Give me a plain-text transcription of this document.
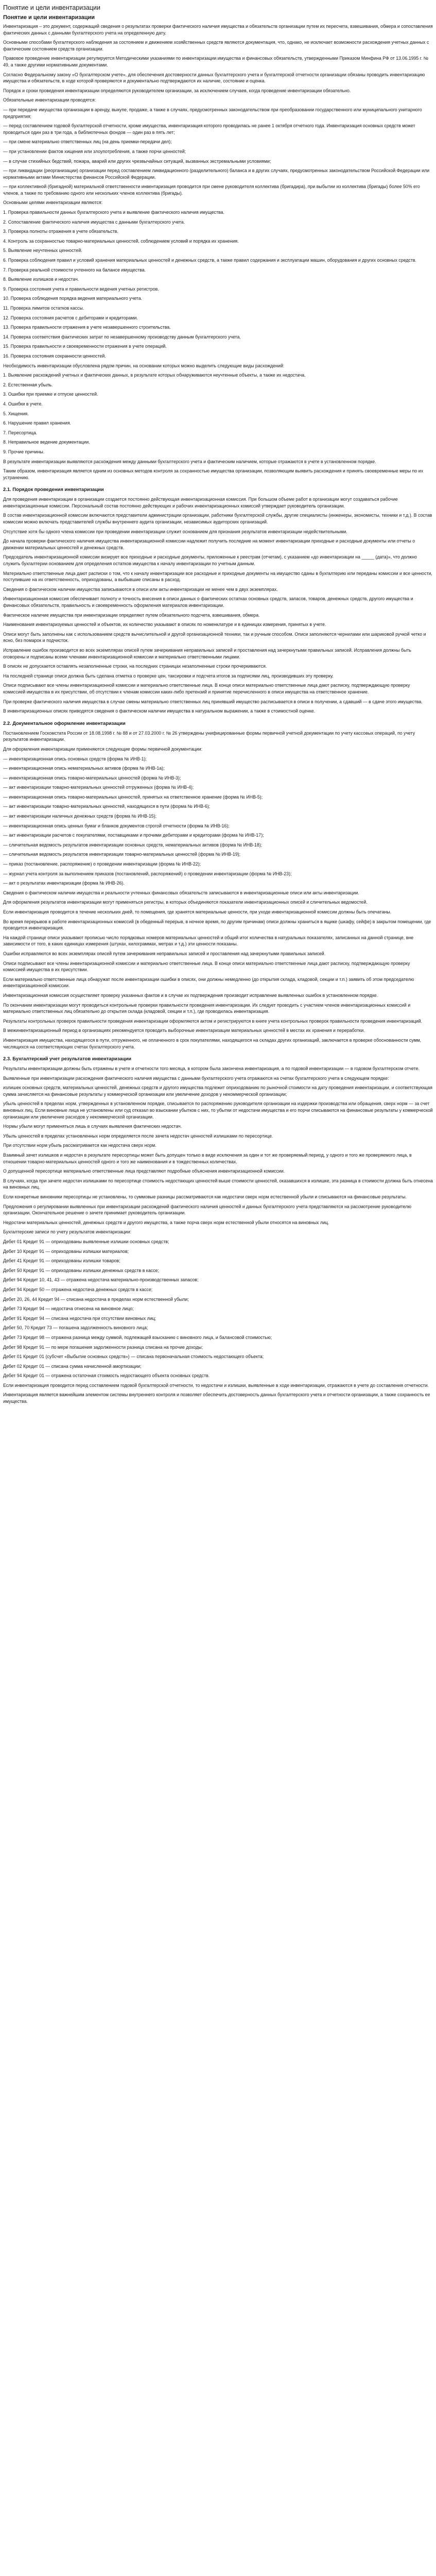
Понятие и цели инвентаризации
Понятие и цели инвентаризации

Инвентаризация – это документ, содержащий сведения о результатах проверки фактического наличия имущества и обязательств организации путем их пересчета, взвешивания, обмера и сопоставления фактических данных с данными бухгалтерского учета на определенную дату.

Основными способами бухгалтерского наблюдения за состоянием и движением хозяйственных средств являются документация, что, однако, не исключает возможности расхождения учетных данных с фактическим состоянием средств организации.

Правовое проведение инвентаризации регулируется Методическими указаниями по инвентаризации имущества и финансовых обязательств, утвержденными Приказом Минфина РФ от 13.06.1995 г. № 49, а также другими нормативными документами.

Согласно Федеральному закону «О бухгалтерском учете», для обеспечения достоверности данных бухгалтерского учета и бухгалтерской отчетности организации обязаны проводить инвентаризацию имущества и обязательств, в ходе которой проверяются и документально подтверждаются их наличие, состояние и оценка.

Порядок и сроки проведения инвентаризации определяются руководителем организации, за исключением случаев, когда проведение инвентаризации обязательно.

Обязательные инвентаризации проводятся:

— при передаче имущества организации в аренду, выкупе, продаже, а также в случаях, предусмотренных законодательством при преобразовании государственного или муниципального унитарного предприятия;

— перед составлением годовой бухгалтерской отчетности, кроме имущества, инвентаризация которого проводилась не ранее 1 октября отчетного года. Инвентаризация основных средств может проводиться один раз в три года, а библиотечных фондов — один раз в пять лет;

— при смене материально ответственных лиц (на день приемки-передачи дел);

— при установлении фактов хищения или злоупотребления, а также порчи ценностей;

— в случае стихийных бедствий, пожара, аварий или других чрезвычайных ситуаций, вызванных экстремальными условиями;

— при ликвидации (реорганизации) организации перед составлением ликвидационного (разделительного) баланса и в других случаях, предусмотренных законодательством Российской Федерации или нормативными актами Министерства финансов Российской Федерации.

— при коллективной (бригадной) материальной ответственности инвентаризация проводится при смене руководителя коллектива (бригадира), при выбытии из коллектива (бригады) более 50% его членов, а также по требованию одного или нескольких членов коллектива (бригады).

Основными целями инвентаризации являются:

1. Проверка правильности данных бухгалтерского учета и выявление фактического наличия имущества.

2. Сопоставление фактического наличия имущества с данными бухгалтерского учета.

3. Проверка полноты отражения в учете обязательств.

4. Контроль за сохранностью товарно-материальных ценностей, соблюдением условий и порядка их хранения.

5. Выявление неучтенных ценностей.

6. Проверка соблюдения правил и условий хранения материальных ценностей и денежных средств, а также правил содержания и эксплуатации машин, оборудования и других основных средств.

7. Проверка реальной стоимости учтенного на балансе имущества.

8. Выявление излишков и недостач.

9. Проверка состояния учета и правильности ведения учетных регистров.

10. Проверка соблюдения порядка ведения материального учета.

11. Проверка лимитов остатков кассы.

12. Проверка состояния расчетов с дебиторами и кредиторами.

13. Проверка правильности отражения в учете незавершенного строительства.

14. Проверка соответствия фактических затрат по незавершенному производству данным бухгалтерского учета.

15. Проверка правильности и своевременности отражения в учете операций.

16. Проверка состояния сохранности ценностей.

Необходимость инвентаризации обусловлена рядом причин, на основании которых можно выделить следующие виды расхождений:

1. Выявление расхождений учетных и фактических данных, в результате которых обнаруживаются неучтенные объекты, а также их недостача.

2. Естественная убыль.

3. Ошибки при приемке и отпуске ценностей.

4. Ошибки в учете.

5. Хищения.

6. Нарушение правил хранения.

7. Пересортица.

8. Неправильное ведение документации.

9. Прочие причины.

В результате инвентаризации выявляются расхождения между данными бухгалтерского учета и фактическим наличием, которые отражаются в учете в установленном порядке.

Таким образом, инвентаризация является одним из основных методов контроля за сохранностью имущества организации, позволяющим выявить расхождения и принять своевременные меры по их устранению.

2.1. Порядок проведения инвентаризации

Для проведения инвентаризации в организации создается постоянно действующая инвентаризационная комиссия. При большом объеме работ в организации могут создаваться рабочие инвентаризационные комиссии. Персональный состав постоянно действующих и рабочих инвентаризационных комиссий утверждает руководитель организации.

В состав инвентаризационной комиссии включаются представители администрации организации, работники бухгалтерской службы, другие специалисты (инженеры, экономисты, техники и т.д.). В состав комиссии можно включать представителей службы внутреннего аудита организации, независимых аудиторских организаций.

Отсутствие хотя бы одного члена комиссии при проведении инвентаризации служит основанием для признания результатов инвентаризации недействительными.

До начала проверки фактического наличия имущества инвентаризационной комиссии надлежит получить последние на момент инвентаризации приходные и расходные документы или отчеты о движении материальных ценностей и денежных средств.

Председатель инвентаризационной комиссии визирует все приходные и расходные документы, приложенные к реестрам (отчетам), с указанием «до инвентаризации на _____ (дата)», что должно служить бухгалтерии основанием для определения остатков имущества к началу инвентаризации по учетным данным.

Материально ответственные лица дают расписки о том, что к началу инвентаризации все расходные и приходные документы на имущество сданы в бухгалтерию или переданы комиссии и все ценности, поступившие на их ответственность, оприходованы, а выбывшие списаны в расход.

Сведения о фактическом наличии имущества записываются в описи или акты инвентаризации не менее чем в двух экземплярах.

Инвентаризационная комиссия обеспечивает полноту и точность внесения в описи данных о фактических остатках основных средств, запасов, товаров, денежных средств, другого имущества и финансовых обязательств, правильность и своевременность оформления материалов инвентаризации.

Фактическое наличие имущества при инвентаризации определяют путем обязательного подсчета, взвешивания, обмера.

Наименования инвентаризуемых ценностей и объектов, их количество указывают в описях по номенклатуре и в единицах измерения, принятых в учете.

Описи могут быть заполнены как с использованием средств вычислительной и другой организационной техники, так и ручным способом. Описи заполняются чернилами или шариковой ручкой четко и ясно, без помарок и подчисток.

Исправление ошибок производится во всех экземплярах описей путем зачеркивания неправильных записей и проставления над зачеркнутыми правильных записей. Исправления должны быть оговорены и подписаны всеми членами инвентаризационной комиссии и материально ответственными лицами.

В описях не допускается оставлять незаполненные строки, на последних страницах незаполненные строки прочеркиваются.

На последней странице описи должна быть сделана отметка о проверке цен, таксировки и подсчета итогов за подписями лиц, производивших эту проверку.

Описи подписывают все члены инвентаризационной комиссии и материально ответственные лица. В конце описи материально ответственные лица дают расписку, подтверждающую проверку комиссией имущества в их присутствии, об отсутствии к членам комиссии каких-либо претензий и принятие перечисленного в описи имущества на ответственное хранение.

При проверке фактического наличия имущества в случае смены материально ответственных лиц принявший имущество расписывается в описи в получении, а сдавший — в сдаче этого имущества.

В инвентаризационных описях приводятся сведения о фактическом наличии имущества в натуральном выражении, а также в стоимостной оценке.

2.2. Документальное оформление инвентаризации

Постановлением Госкомстата России от 18.08.1998 г. № 88 и от 27.03.2000 г. № 26 утверждены унифицированные формы первичной учетной документации по учету кассовых операций, по учету результатов инвентаризации.

Для оформления инвентаризации применяются следующие формы первичной документации:

— инвентаризационная опись основных средств (форма № ИНВ-1);

— инвентаризационная опись нематериальных активов (форма № ИНВ-1а);

— инвентаризационная опись товарно-материальных ценностей (форма № ИНВ-3);

— акт инвентаризации товарно-материальных ценностей отгруженных (форма № ИНВ-4);

— инвентаризационная опись товарно-материальных ценностей, принятых на ответственное хранение (форма № ИНВ-5);

— акт инвентаризации товарно-материальных ценностей, находящихся в пути (форма № ИНВ-6);

— акт инвентаризации наличных денежных средств (форма № ИНВ-15);

— инвентаризационная опись ценных бумаг и бланков документов строгой отчетности (форма № ИНВ-16);

— акт инвентаризации расчетов с покупателями, поставщиками и прочими дебиторами и кредиторами (форма № ИНВ-17);

— сличительная ведомость результатов инвентаризации основных средств, нематериальных активов (форма № ИНВ-18);

— сличительная ведомость результатов инвентаризации товарно-материальных ценностей (форма № ИНВ-19);

— приказ (постановление, распоряжение) о проведении инвентаризации (форма № ИНВ-22);

— журнал учета контроля за выполнением приказов (постановлений, распоряжений) о проведении инвентаризации (форма № ИНВ-23);

— акт о результатах инвентаризации (форма № ИНВ-26).

Сведения о фактическом наличии имущества и реальности учтенных финансовых обязательств записываются в инвентаризационные описи или акты инвентаризации.

Для оформления результатов инвентаризации могут применяться регистры, в которых объединяются показатели инвентаризационных описей и сличительных ведомостей.

Если инвентаризация проводится в течение нескольких дней, то помещения, где хранятся материальные ценности, при уходе инвентаризационной комиссии должны быть опечатаны.

Во время перерывов в работе инвентаризационных комиссий (в обеденный перерыв, в ночное время, по другим причинам) описи должны храниться в ящике (шкафу, сейфе) в закрытом помещении, где проводится инвентаризация.

На каждой странице описи указывают прописью число порядковых номеров материальных ценностей и общий итог количества в натуральных показателях, записанных на данной странице, вне зависимости от того, в каких единицах измерения (штуках, килограммах, метрах и т.д.) эти ценности показаны.

Ошибки исправляются во всех экземплярах описей путем зачеркивания неправильных записей и проставления над зачеркнутыми правильных записей.

Описи подписывают все члены инвентаризационной комиссии и материально ответственные лица. В конце описи материально ответственные лица дают расписку, подтверждающую проверку комиссией имущества в их присутствии.

Если материально ответственные лица обнаружат после инвентаризации ошибки в описях, они должны немедленно (до открытия склада, кладовой, секции и т.п.) заявить об этом председателю инвентаризационной комиссии.

Инвентаризационная комиссия осуществляет проверку указанных фактов и в случае их подтверждения производит исправление выявленных ошибок в установленном порядке.

По окончании инвентаризации могут проводиться контрольные проверки правильности проведения инвентаризации. Их следует проводить с участием членов инвентаризационных комиссий и материально ответственных лиц обязательно до открытия склада (кладовой, секции и т.п.), где проводилась инвентаризация.

Результаты контрольных проверок правильности проведения инвентаризации оформляются актом и регистрируются в книге учета контрольных проверок правильности проведения инвентаризаций.

В межинвентаризационный период в организациях рекомендуется проводить выборочные инвентаризации материальных ценностей в местах их хранения и переработки.

Инвентаризация имущества, находящегося в пути, отгруженного, не оплаченного в срок покупателями, находящегося на складах других организаций, заключается в проверке обоснованности сумм, числящихся на соответствующих счетах бухгалтерского учета.

2.3. Бухгалтерский учет результатов инвентаризации

Результаты инвентаризации должны быть отражены в учете и отчетности того месяца, в котором была закончена инвентаризация, а по годовой инвентаризации — в годовом бухгалтерском отчете.

Выявленные при инвентаризации расхождения фактического наличия имущества с данными бухгалтерского учета отражаются на счетах бухгалтерского учета в следующем порядке:

излишек основных средств, материальных ценностей, денежных средств и другого имущества подлежит оприходованию по рыночной стоимости на дату проведения инвентаризации, и соответствующая сумма зачисляется на финансовые результаты у коммерческой организации или увеличение доходов у некоммерческой организации;

убыль ценностей в пределах норм, утвержденных в установленном порядке, списывается по распоряжению руководителя организации на издержки производства или обращения, сверх норм — за счет виновных лиц. Если виновные лица не установлены или суд отказал во взыскании убытков с них, то убытки от недостачи имущества и его порчи списываются на финансовые результаты у коммерческой организации или увеличение расходов у некоммерческой организации.

Нормы убыли могут применяться лишь в случаях выявления фактических недостач.

Убыль ценностей в пределах установленных норм определяется после зачета недостач ценностей излишками по пересортице.

При отсутствии норм убыль рассматривается как недостача сверх норм.

Взаимный зачет излишков и недостач в результате пересортицы может быть допущен только в виде исключения за один и тот же проверяемый период, у одного и того же проверяемого лица, в отношении товарно-материальных ценностей одного и того же наименования и в тождественных количествах.

О допущенной пересортице материально ответственные лица представляют подробные объяснения инвентаризационной комиссии.

В случаях, когда при зачете недостач излишками по пересортице стоимость недостающих ценностей выше стоимости ценностей, оказавшихся в излишке, эта разница в стоимости должна быть отнесена на виновных лиц.

Если конкретные виновники пересортицы не установлены, то суммовые разницы рассматриваются как недостачи сверх норм естественной убыли и списываются на финансовые результаты.

Предложения о регулировании выявленных при инвентаризации расхождений фактического наличия ценностей и данных бухгалтерского учета представляются на рассмотрение руководителю организации. Окончательное решение о зачете принимает руководитель организации.

Недостачи материальных ценностей, денежных средств и другого имущества, а также порча сверх норм естественной убыли относятся на виновных лиц.

Бухгалтерские записи по учету результатов инвентаризации:

Дебет 01 Кредит 91 — оприходованы выявленные излишки основных средств;

Дебет 10 Кредит 91 — оприходованы излишки материалов;

Дебет 41 Кредит 91 — оприходованы излишки товаров;

Дебет 50 Кредит 91 — оприходованы излишки денежных средств в кассе;

Дебет 94 Кредит 10, 41, 43 — отражена недостача материально-производственных запасов;

Дебет 94 Кредит 50 — отражена недостача денежных средств в кассе;

Дебет 20, 26, 44 Кредит 94 — списана недостача в пределах норм естественной убыли;

Дебет 73 Кредит 94 — недостача отнесена на виновное лицо;

Дебет 91 Кредит 94 — списана недостача при отсутствии виновных лиц;

Дебет 50, 70 Кредит 73 — погашена задолженность виновного лица;

Дебет 73 Кредит 98 — отражена разница между суммой, подлежащей взысканию с виновного лица, и балансовой стоимостью;

Дебет 98 Кредит 91 — по мере погашения задолженности разница списана на прочие доходы;

Дебет 01 Кредит 01 (субсчет «Выбытие основных средств») — списана первоначальная стоимость недостающего объекта;

Дебет 02 Кредит 01 — списана сумма начисленной амортизации;

Дебет 94 Кредит 01 — отражена остаточная стоимость недостающего объекта основных средств.

Если инвентаризация проводится перед составлением годовой бухгалтерской отчетности, то недостачи и излишки, выявленные в ходе инвентаризации, отражаются в учете до составления отчетности.

Инвентаризация является важнейшим элементом системы внутреннего контроля и позволяет обеспечить достоверность данных бухгалтерского учета и отчетности организации, а также сохранность ее имущества.
